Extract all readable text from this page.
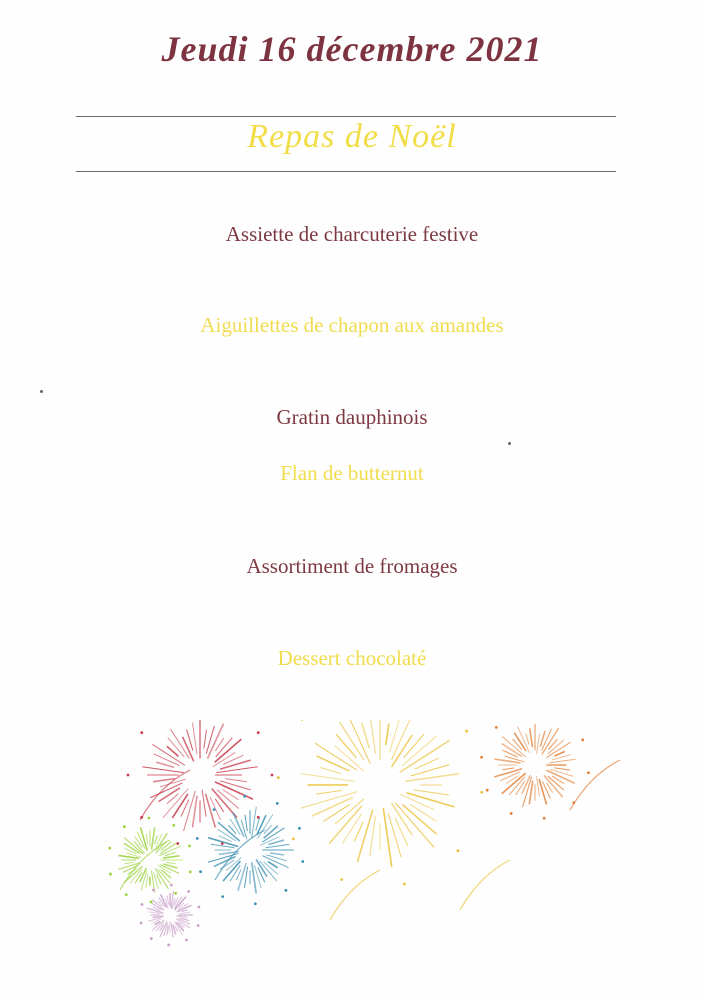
Jeudi 16 décembre 2021
Repas de Noël
Assiette de charcuterie festive
Aiguillettes de chapon aux amandes
Gratin dauphinois
Flan de butternut
Assortiment de fromages
Dessert chocolaté
